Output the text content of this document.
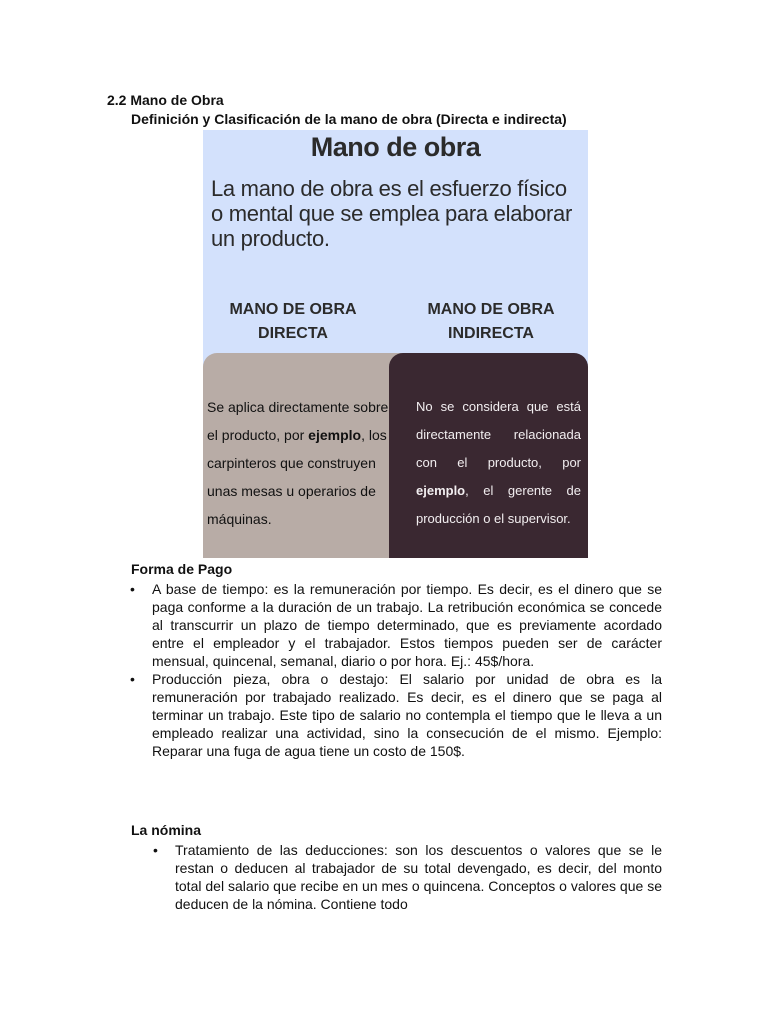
2.2 Mano de Obra

Definición y Clasificación de la mano de obra (Directa e indirecta)

Mano de obra
La mano de obra es el esfuerzo físico o mental que se emplea para elaborar un producto.
MANO DE OBRA
DIRECTA
MANO DE OBRA
INDIRECTA

Se aplica directamente sobre el producto, por ejemplo, los carpinteros que construyen unas mesas u operarios de máquinas.

No se considera que está directamente relacionada con el producto, por ejemplo, el gerente de producción o el supervisor.

Forma de Pago

• A base de tiempo: es la remuneración por tiempo. Es decir, es el dinero que se paga conforme a la duración de un trabajo. La retribución económica se concede al transcurrir un plazo de tiempo determinado, que es previamente acordado entre el empleador y el trabajador. Estos tiempos pueden ser de carácter mensual, quincenal, semanal, diario o por hora. Ej.: 45$/hora.
• Producción pieza, obra o destajo: El salario por unidad de obra es la remuneración por trabajado realizado. Es decir, es el dinero que se paga al terminar un trabajo. Este tipo de salario no contempla el tiempo que le lleva a un empleado realizar una actividad, sino la consecución de el mismo. Ejemplo: Reparar una fuga de agua tiene un costo de 150$.

La nómina

• Tratamiento de las deducciones: son los descuentos o valores que se le restan o deducen al trabajador de su total devengado, es decir, del monto total del salario que recibe en un mes o quincena. Conceptos o valores que se deducen de la nómina. Contiene todo
